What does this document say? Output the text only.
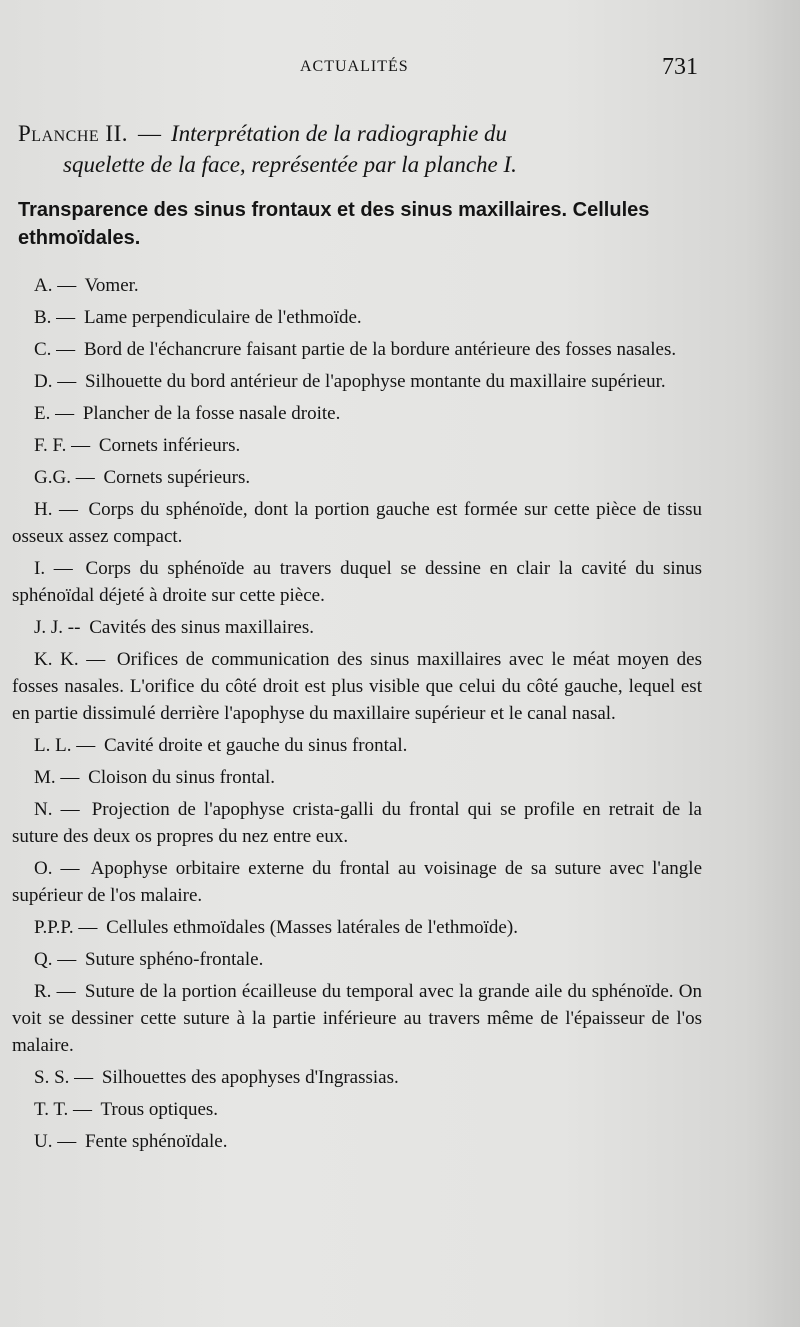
ACTUALITÉS	731
Planche II. — Interprétation de la radiographie du
squelette de la face, représentée par la planche I.
Transparence des sinus frontaux et des sinus maxillaires. Cellules ethmoïdales.

A. — Vomer.

B. — Lame perpendiculaire de l'ethmoïde.

C. — Bord de l'échancrure faisant partie de la bordure antérieure des fosses nasales.

D. — Silhouette du bord antérieur de l'apophyse montante du maxillaire supérieur.

E. — Plancher de la fosse nasale droite.

F. F. — Cornets inférieurs.

G.G. — Cornets supérieurs.

H. — Corps du sphénoïde, dont la portion gauche est formée sur cette pièce de tissu osseux assez compact.

I. — Corps du sphénoïde au travers duquel se dessine en clair la cavité du sinus sphénoïdal déjeté à droite sur cette pièce.

J. J. -- Cavités des sinus maxillaires.

K. K. — Orifices de communication des sinus maxillaires avec le méat moyen des fosses nasales. L'orifice du côté droit est plus visible que celui du côté gauche, lequel est en partie dissimulé derrière l'apophyse du maxillaire supérieur et le canal nasal.

L. L. — Cavité droite et gauche du sinus frontal.

M. — Cloison du sinus frontal.

N. — Projection de l'apophyse crista-galli du frontal qui se profile en retrait de la suture des deux os propres du nez entre eux.

O. — Apophyse orbitaire externe du frontal au voisinage de sa suture avec l'angle supérieur de l'os malaire.

P.P.P. — Cellules ethmoïdales (Masses latérales de l'ethmoïde).

Q. — Suture sphéno-frontale.

R. — Suture de la portion écailleuse du temporal avec la grande aile du sphénoïde. On voit se dessiner cette suture à la partie inférieure au travers même de l'épaisseur de l'os malaire.

S. S. — Silhouettes des apophyses d'Ingrassias.

T. T. — Trous optiques.

U. — Fente sphénoïdale.
